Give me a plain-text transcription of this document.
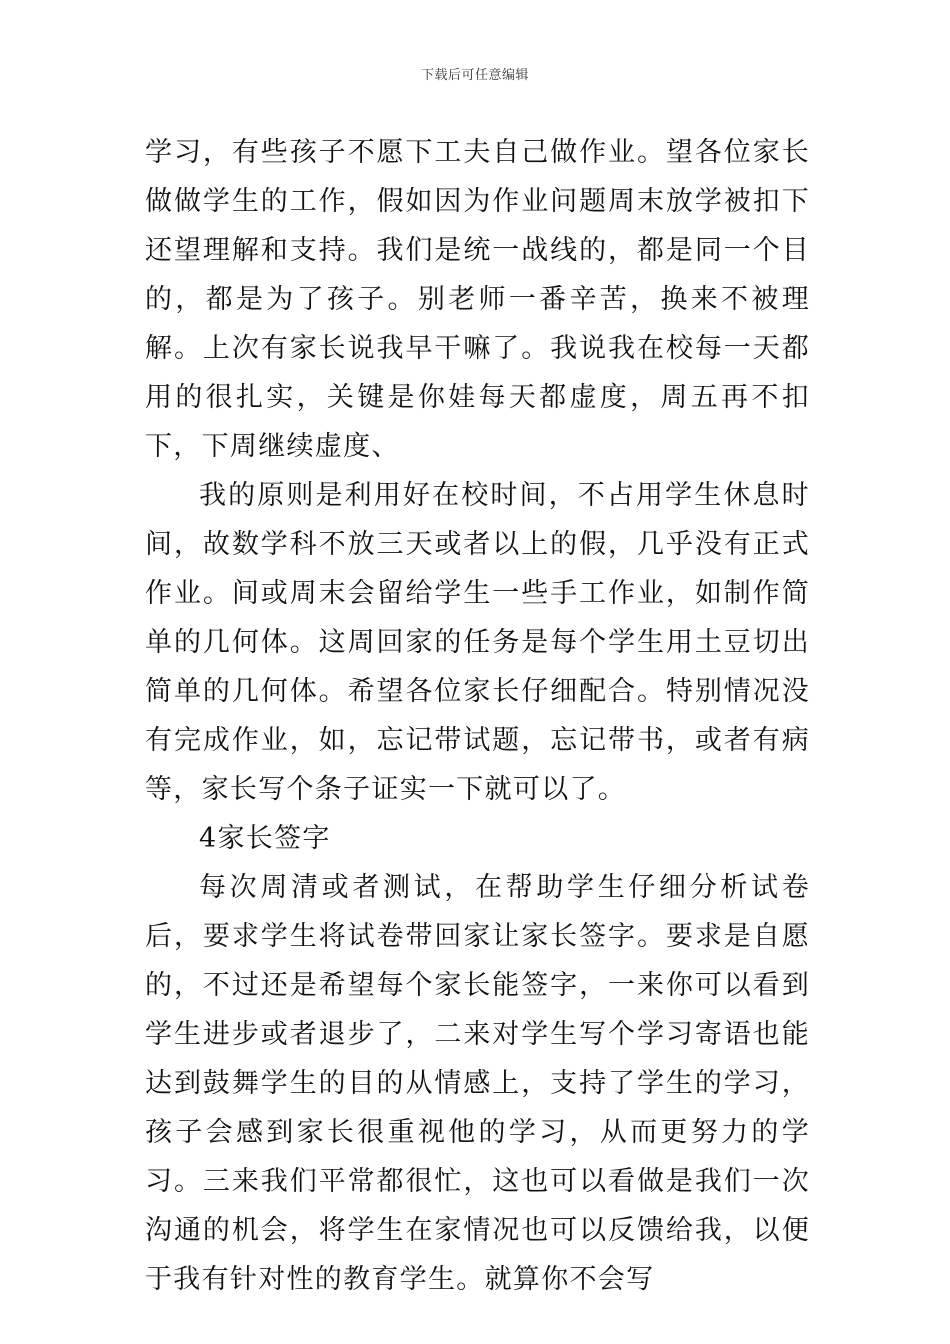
下载后可任意编辑

学习，有些孩子不愿下工夫自己做作业。望各位家长做做学生的工作，假如因为作业问题周末放学被扣下还望理解和支持。我们是统一战线的，都是同一个目的，都是为了孩子。别老师一番辛苦，换来不被理解。上次有家长说我早干嘛了。我说我在校每一天都用的很扎实，关键是你娃每天都虚度，周五再不扣下，下周继续虚度、

我的原则是利用好在校时间，不占用学生休息时间，故数学科不放三天或者以上的假，几乎没有正式作业。间或周末会留给学生一些手工作业，如制作简单的几何体。这周回家的任务是每个学生用土豆切出简单的几何体。希望各位家长仔细配合。特别情况没有完成作业，如，忘记带试题，忘记带书，或者有病等，家长写个条子证实一下就可以了。

4家长签字

每次周清或者测试，在帮助学生仔细分析试卷后，要求学生将试卷带回家让家长签字。要求是自愿的，不过还是希望每个家长能签字，一来你可以看到学生进步或者退步了，二来对学生写个学习寄语也能达到鼓舞学生的目的从情感上，支持了学生的学习，孩子会感到家长很重视他的学习，从而更努力的学习。三来我们平常都很忙，这也可以看做是我们一次沟通的机会，将学生在家情况也可以反馈给我，以便于我有针对性的教育学生。就算你不会写
